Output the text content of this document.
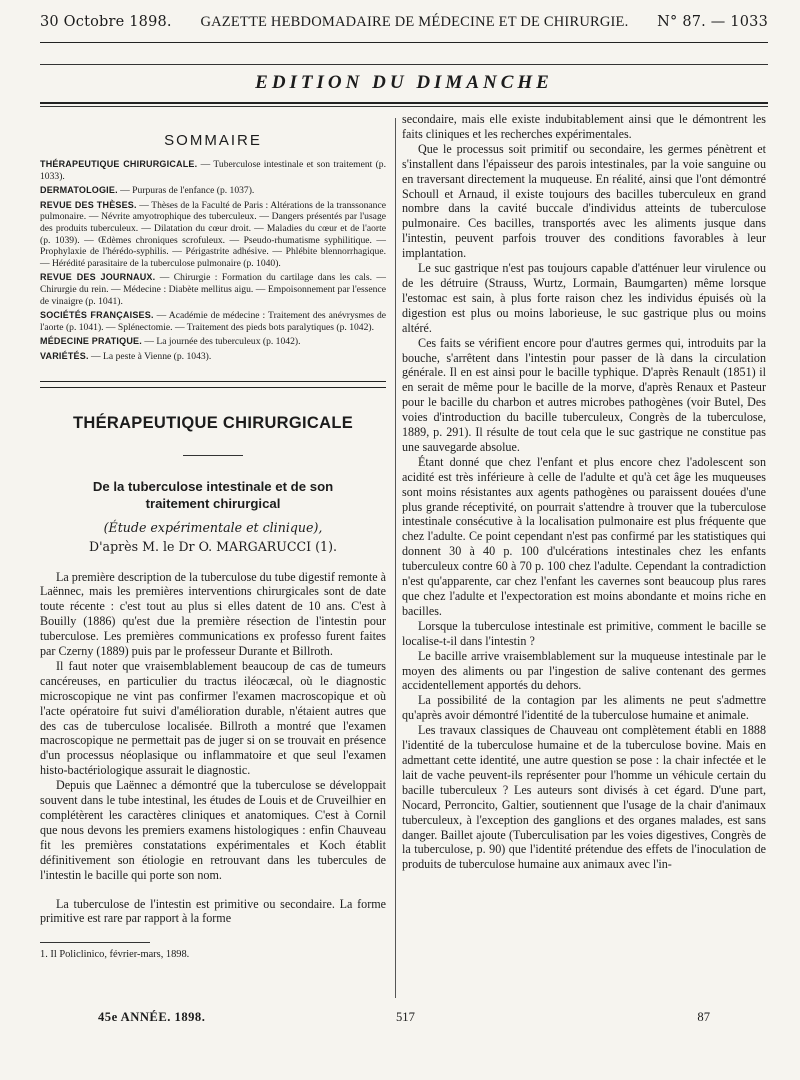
30 Octobre 1898. GAZETTE HEBDOMADAIRE DE MÉDECINE ET DE CHIRURGIE. N° 87. — 1033
EDITION DU DIMANCHE
SOMMAIRE
THÉRAPEUTIQUE CHIRURGICALE. — Tuberculose intestinale et son traitement (p. 1033).
DERMATOLOGIE. — Purpuras de l'enfance (p. 1037).
REVUE DES THÈSES. — Thèses de la Faculté de Paris : Altérations de la transsonance pulmonaire. — Névrite amyotrophique des tuberculeux. — Dangers présentés par l'usage des produits tuberculeux. — Dilatation du cœur droit. — Maladies du cœur et de l'aorte (p. 1039). — Œdèmes chroniques scrofuleux. — Pseudo-rhumatisme syphilitique. — Prophylaxie de l'hérédo-syphilis. — Périgastrite adhésive. — Phlébite blennorrhagique. — Hérédité parasitaire de la tuberculose pulmonaire (p. 1040).
REVUE DES JOURNAUX. — Chirurgie : Formation du cartilage dans les cals. — Chirurgie du rein. — Médecine : Diabète mellitus aigu. — Empoisonnement par l'essence de vinaigre (p. 1041).
SOCIÉTÉS FRANÇAISES. — Académie de médecine : Traitement des anévrysmes de l'aorte (p. 1041). — Splénectomie. — Traitement des pieds bots paralytiques (p. 1042).
MÉDECINE PRATIQUE. — La journée des tuberculeux (p. 1042).
VARIÉTÉS. — La peste à Vienne (p. 1043).
THÉRAPEUTIQUE CHIRURGICALE
De la tuberculose intestinale et de son
traitement chirurgical
(Étude expérimentale et clinique),
D'après M. le Dr O. MARGARUCCI (1).

La première description de la tuberculose du tube digestif remonte à Laënnec, mais les premières interventions chirurgicales sont de date toute récente : c'est tout au plus si elles datent de 10 ans. C'est à Bouilly (1886) qu'est due la première résection de l'intestin pour tuberculose. Les premières communications ex professo furent faites par Czerny (1889) puis par le professeur Durante et Billroth.

Il faut noter que vraisemblablement beaucoup de cas de tumeurs cancéreuses, en particulier du tractus iléocæcal, où le diagnostic microscopique ne vint pas confirmer l'examen macroscopique et où l'acte opératoire fut suivi d'amélioration durable, n'étaient autres que des cas de tuberculose localisée. Billroth a montré que l'examen macroscopique ne permettait pas de juger si on se trouvait en présence d'un processus néoplasique ou inflammatoire et que seul l'examen histo-bactériologique assurait le diagnostic.

Depuis que Laënnec a démontré que la tuberculose se développait souvent dans le tube intestinal, les études de Louis et de Cruveilhier en complétèrent les caractères cliniques et anatomiques. C'est à Cornil que nous devons les premiers examens histologiques : enfin Chauveau fit les premières constatations expérimentales et Koch établit définitivement son étiologie en retrouvant dans les tubercules de l'intestin le bacille qui porte son nom.

La tuberculose de l'intestin est primitive ou secondaire. La forme primitive est rare par rapport à la forme

1. Il Policlinico, février-mars, 1898.

secondaire, mais elle existe indubitablement ainsi que le démontrent les faits cliniques et les recherches expérimentales.

Que le processus soit primitif ou secondaire, les germes pénètrent et s'installent dans l'épaisseur des parois intestinales, par la voie sanguine ou en traversant directement la muqueuse. En réalité, ainsi que l'ont démontré Schoull et Arnaud, il existe toujours des bacilles tuberculeux en grand nombre dans la cavité buccale d'individus atteints de tuberculose pulmonaire. Ces bacilles, transportés avec les aliments jusque dans l'intestin, peuvent parfois trouver des conditions favorables à leur implantation.

Le suc gastrique n'est pas toujours capable d'atténuer leur virulence ou de les détruire (Strauss, Wurtz, Lormain, Baumgarten) même lorsque l'estomac est sain, à plus forte raison chez les individus épuisés où la digestion est plus ou moins laborieuse, le suc gastrique plus ou moins altéré.

Ces faits se vérifient encore pour d'autres germes qui, introduits par la bouche, s'arrêtent dans l'intestin pour passer de là dans la circulation générale. Il en est ainsi pour le bacille typhique. D'après Renault (1851) il en serait de même pour le bacille de la morve, d'après Renaux et Pasteur pour le bacille du charbon et autres microbes pathogènes (voir Butel, Des voies d'introduction du bacille tuberculeux, Congrès de la tuberculose, 1889, p. 291). Il résulte de tout cela que le suc gastrique ne constitue pas une sauvegarde absolue.

Étant donné que chez l'enfant et plus encore chez l'adolescent son acidité est très inférieure à celle de l'adulte et qu'à cet âge les muqueuses sont moins résistantes aux agents pathogènes ou paraissent douées d'une plus grande réceptivité, on pourrait s'attendre à trouver que la tuberculose intestinale consécutive à la localisation pulmonaire est plus fréquente que chez l'adulte. Ce point cependant n'est pas confirmé par les statistiques qui donnent 30 à 40 p. 100 d'ulcérations intestinales chez les enfants tuberculeux contre 60 à 70 p. 100 chez l'adulte. Cependant la contradiction n'est qu'apparente, car chez l'enfant les cavernes sont beaucoup plus rares que chez l'adulte et l'expectoration est moins abondante et moins riche en bacilles.

Lorsque la tuberculose intestinale est primitive, comment le bacille se localise-t-il dans l'intestin ?

Le bacille arrive vraisemblablement sur la muqueuse intestinale par le moyen des aliments ou par l'ingestion de salive contenant des germes accidentellement apportés du dehors.

La possibilité de la contagion par les aliments ne peut s'admettre qu'après avoir démontré l'identité de la tuberculose humaine et animale.

Les travaux classiques de Chauveau ont complètement établi en 1888 l'identité de la tuberculose humaine et de la tuberculose bovine. Mais en admettant cette identité, une autre question se pose : la chair infectée et le lait de vache peuvent-ils représenter pour l'homme un véhicule certain du bacille tuberculeux ? Les auteurs sont divisés à cet égard. D'une part, Nocard, Perroncito, Galtier, soutiennent que l'usage de la chair d'animaux tuberculeux, à l'exception des ganglions et des organes malades, est sans danger. Baillet ajoute (Tuberculisation par les voies digestives, Congrès de la tuberculose, p. 90) que l'identité prétendue des effets de l'inoculation de produits de tuberculose humaine aux animaux avec l'in-

45e ANNÉE. 1898.	517	87
